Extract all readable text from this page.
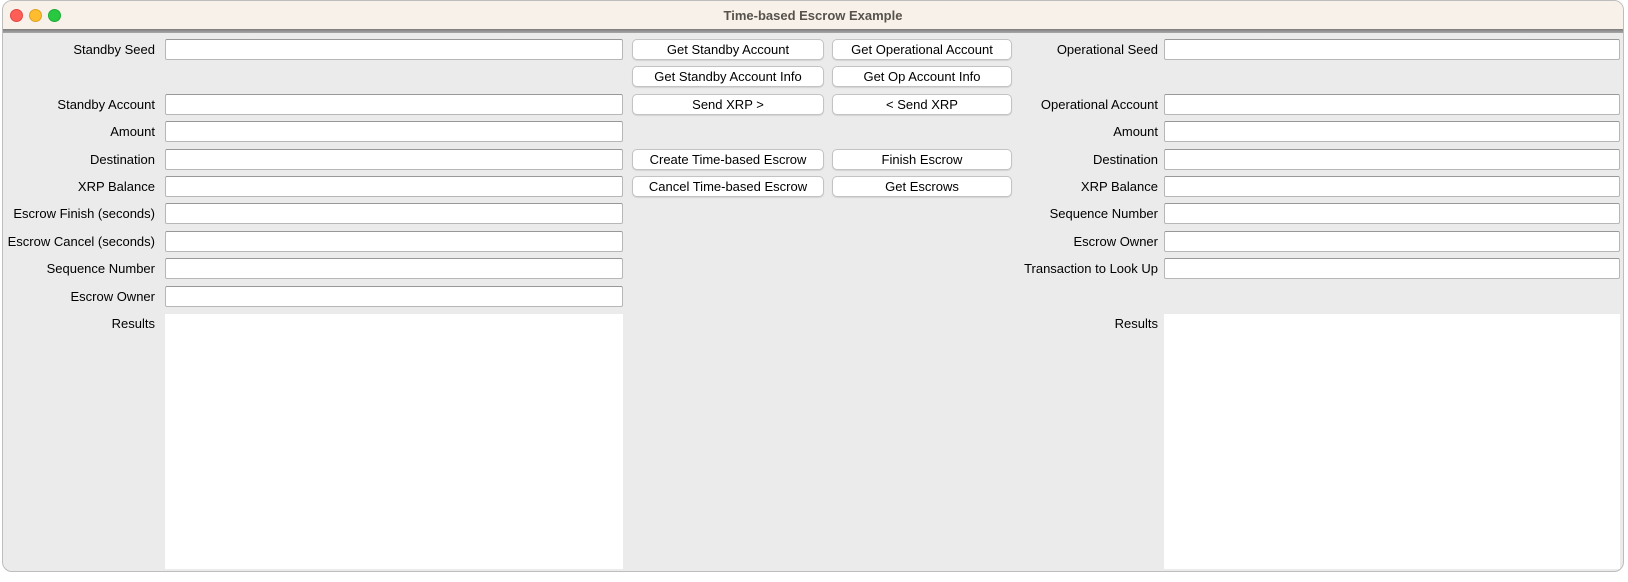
Time-based Escrow Example
Standby Seed
Standby Account
Amount
Destination
XRP Balance
Escrow Finish (seconds)
Escrow Cancel (seconds)
Sequence Number
Escrow Owner
Results
Get Standby Account
Get Standby Account Info
Send XRP >
Create Time-based Escrow
Cancel Time-based Escrow
Get Operational Account
Get Op Account Info
< Send XRP
Finish Escrow
Get Escrows
Operational Seed
Operational Account
Amount
Destination
XRP Balance
Sequence Number
Escrow Owner
Transaction to Look Up
Results
